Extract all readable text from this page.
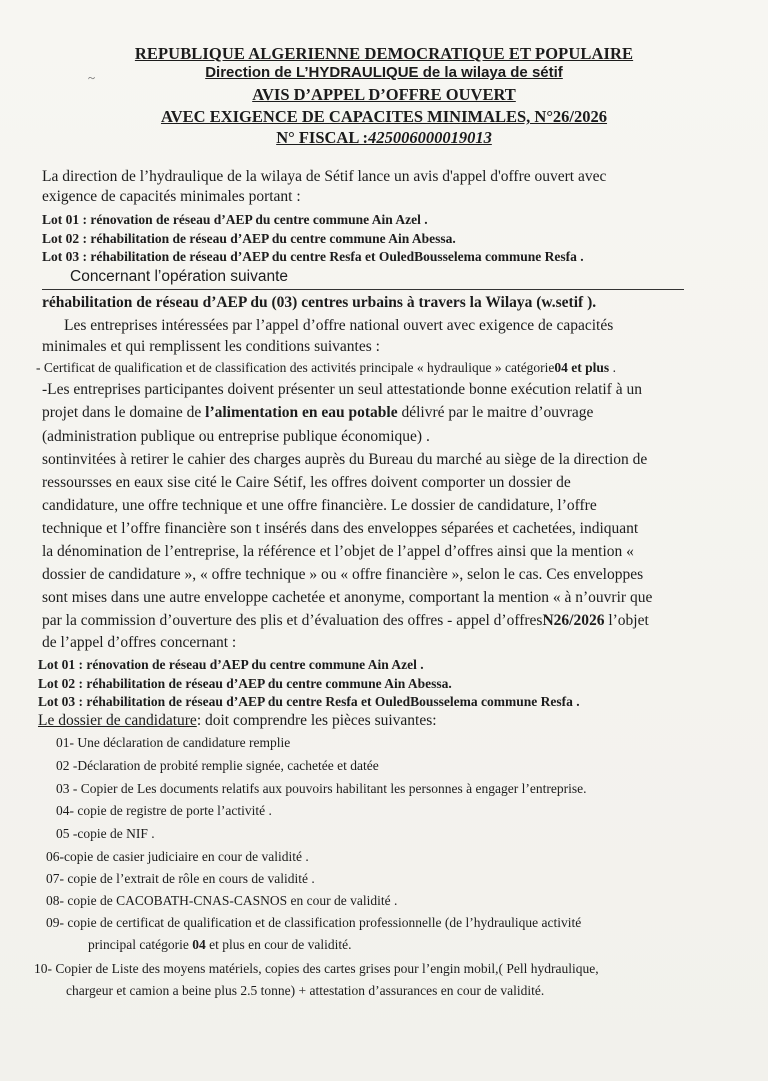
REPUBLIQUE ALGERIENNE DEMOCRATIQUE ET POPULAIRE
Direction de L’HYDRAULIQUE de la wilaya de sétif
AVIS D’APPEL D’OFFRE OUVERT
AVEC EXIGENCE DE CAPACITES MINIMALES, N°26/2026
N° FISCAL :425006000019013
~
La direction de l’hydraulique de la wilaya de Sétif lance un avis d'appel d'offre ouvert avec
exigence de capacités minimales portant :
Lot 01 : rénovation de réseau d’AEP du centre commune Ain Azel .
Lot 02 : réhabilitation de réseau d’AEP du centre commune Ain Abessa.
Lot 03 : réhabilitation de réseau d’AEP du centre Resfa et OuledBousselema commune Resfa .
Concernant l’opération suivante
réhabilitation de réseau d’AEP du (03) centres urbains à travers la Wilaya (w.setif ).
Les entreprises intéressées par l’appel d’offre national ouvert avec exigence de capacités
minimales et qui remplissent les conditions suivantes :
- Certificat de qualification et de classification des activités principale « hydraulique » catégorie04 et plus .
-Les entreprises participantes doivent présenter un seul attestationde bonne exécution relatif à un
projet dans le domaine de l’alimentation en eau potable délivré par le maitre d’ouvrage
(administration publique ou entreprise publique économique) .
sontinvitées à retirer le cahier des charges auprès du Bureau du marché au siège de la direction de
ressoursses en eaux sise cité le Caire Sétif, les offres doivent comporter un dossier de
candidature, une offre technique et une offre financière. Le dossier de candidature, l’offre
technique et l’offre financière son t insérés dans des enveloppes séparées et cachetées, indiquant
la dénomination de l’entreprise, la référence et l’objet de l’appel d’offres ainsi que la mention «
dossier de candidature », « offre technique » ou « offre financière », selon le cas. Ces enveloppes
sont mises dans une autre enveloppe cachetée et anonyme, comportant la mention « à n’ouvrir que
par la commission d’ouverture des plis et d’évaluation des offres - appel d’offresN26/2026 l’objet
de l’appel d’offres concernant :
Lot 01 : rénovation de réseau d’AEP du centre commune Ain Azel .
Lot 02 : réhabilitation de réseau d’AEP du centre commune Ain Abessa.
Lot 03 : réhabilitation de réseau d’AEP du centre Resfa et OuledBousselema commune Resfa .
Le dossier de candidature: doit comprendre les pièces suivantes:
01- Une déclaration de candidature remplie
02 -Déclaration de probité remplie signée, cachetée et datée
03 - Copier de Les documents relatifs aux pouvoirs habilitant les personnes à engager l’entreprise.
04- copie de registre de porte l’activité .
05 -copie de NIF .
06-copie de casier judiciaire en cour de validité .
07- copie de l’extrait de rôle en cours de validité .
08- copie de CACOBATH-CNAS-CASNOS en cour de validité .
09- copie de certificat de qualification et de classification professionnelle (de l’hydraulique activité
principal catégorie 04 et plus en cour de validité.
10- Copier de Liste des moyens matériels, copies des cartes grises pour l’engin mobil,( Pell hydraulique,
chargeur et camion a beine plus 2.5 tonne) + attestation d’assurances en cour de validité.
